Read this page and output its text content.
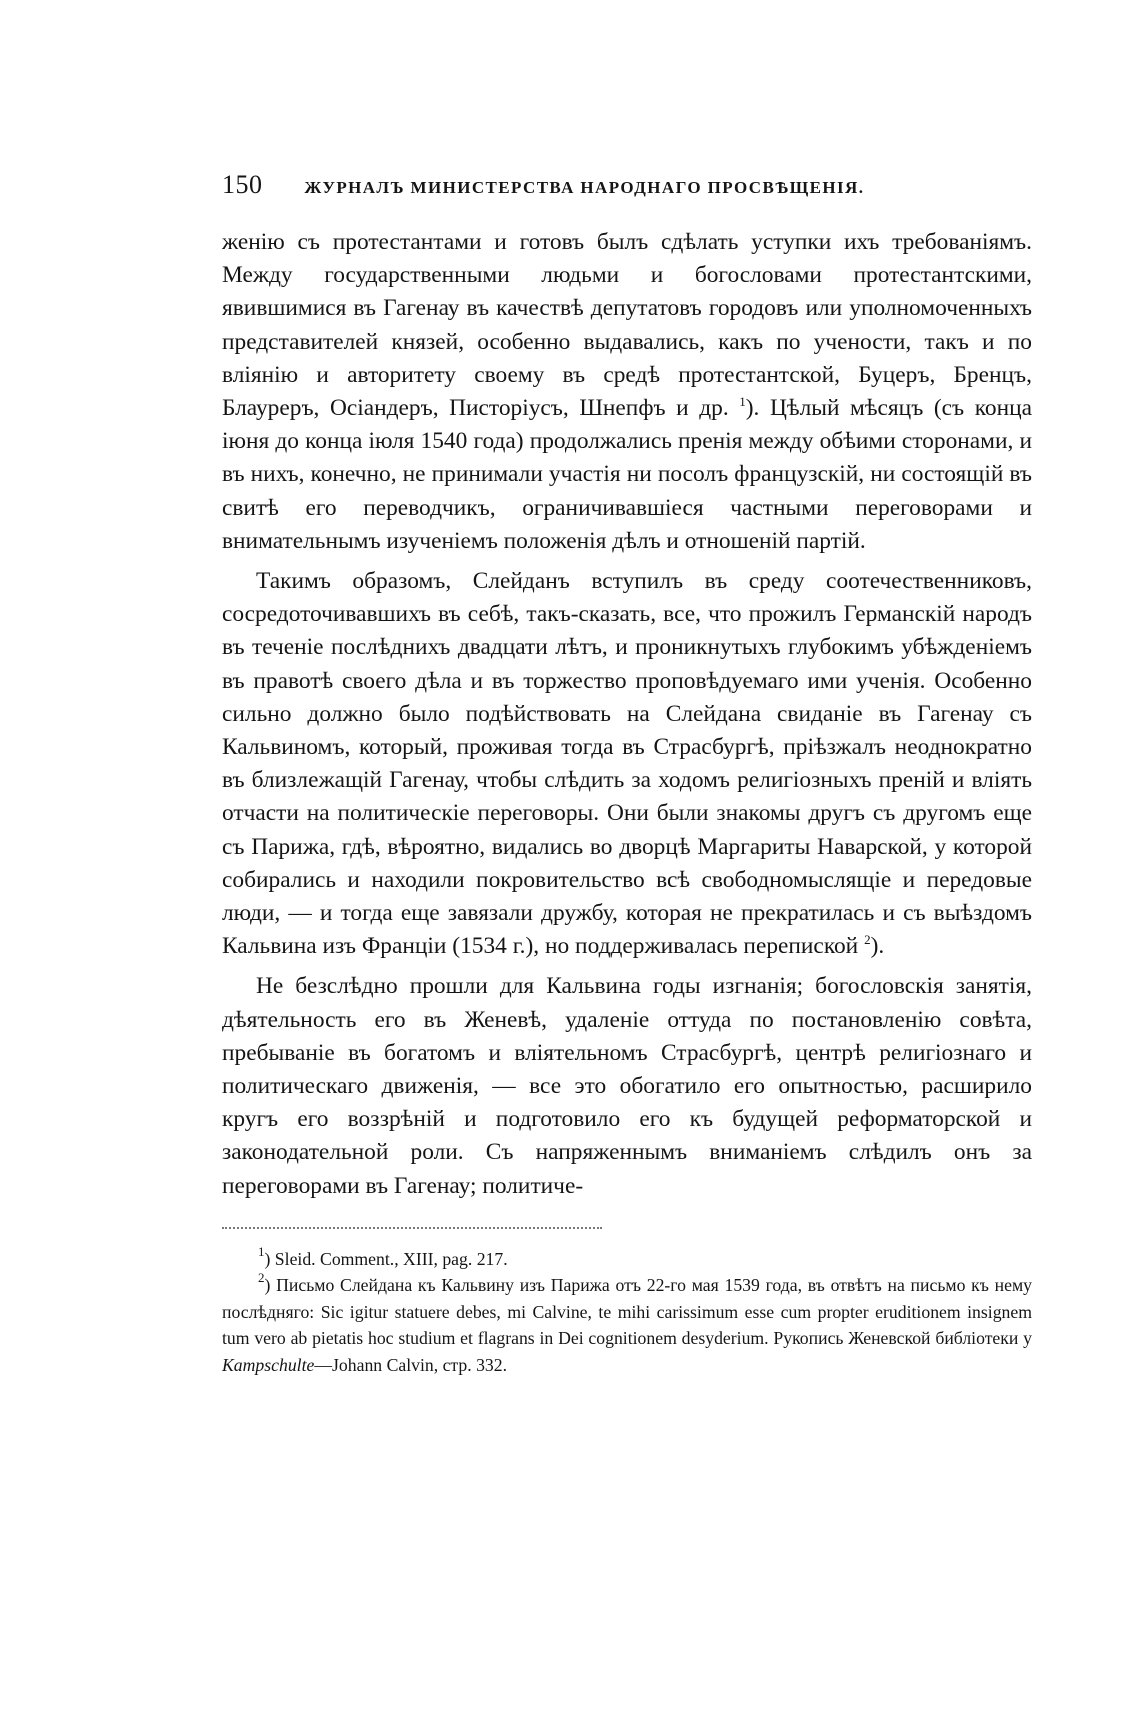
150 ЖУРНАЛЪ МИНИСТЕРСТВА НАРОДНАГО ПРОСВѢЩЕНІЯ.

женію съ протестантами и готовъ былъ сдѣлать уступки ихъ требованіямъ. Между государственными людьми и богословами протестантскими, явившимися въ Гагенау въ качествѣ депутатовъ городовъ или уполномоченныхъ представителей князей, особенно выдавались, какъ по учености, такъ и по вліянію и авторитету своему въ средѣ протестантской, Буцеръ, Бренцъ, Блауреръ, Осіандеръ, Писторіусъ, Шнепфъ и др. $^1$). Цѣлый мѣсяцъ (съ конца іюня до конца іюля 1540 года) продолжались пренія между обѣими сторонами, и въ нихъ, конечно, не принимали участія ни посолъ французскій, ни состоящій въ свитѣ его переводчикъ, ограничивавшіеся частными переговорами и внимательнымъ изученіемъ положенія дѣлъ и отношеній партій.

Такимъ образомъ, Слейданъ вступилъ въ среду соотечественниковъ, сосредоточивавшихъ въ себѣ, такъ-сказать, все, что прожилъ Германскій народъ въ теченіе послѣднихъ двадцати лѣтъ, и проникнутыхъ глубокимъ убѣжденіемъ въ правотѣ своего дѣла и въ торжество проповѣдуемаго ими ученія. Особенно сильно должно было подѣйствовать на Слейдана свиданіе въ Гагенау съ Кальвиномъ, который, проживая тогда въ Страсбургѣ, пріѣзжалъ неоднократно въ близлежащій Гагенау, чтобы слѣдить за ходомъ религіозныхъ преній и вліять отчасти на политическіе переговоры. Они были знакомы другъ съ другомъ еще съ Парижа, гдѣ, вѣроятно, видались во дворцѣ Маргариты Наварской, у которой собирались и находили покровительство всѣ свободномыслящіе и передовые люди, — и тогда еще завязали дружбу, которая не прекратилась и съ выѣздомъ Кальвина изъ Франціи (1534 г.), но поддерживалась перепиской $^2$).

Не безслѣдно прошли для Кальвина годы изгнанія; богословскія занятія, дѣятельность его въ Женевѣ, удаленіе оттуда по постановленію совѣта, пребываніе въ богатомъ и вліятельномъ Страсбургѣ, центрѣ религіознаго и политическаго движенія, — все это обогатило его опытностью, расширило кругъ его воззрѣній и подготовило его къ будущей реформаторской и законодательной роли. Съ напряженнымъ вниманіемъ слѣдилъ онъ за переговорами въ Гагенау; политиче-

$^1$) Sleid. Comment., XIII, pag. 217.

$^2$) Письмо Слейдана къ Кальвину изъ Парижа отъ 22-го мая 1539 года, въ отвѣтъ на письмо къ нему послѣдняго: Sic igitur statuere debes, mi Calvine, te mihi carissimum esse cum propter eruditionem insignem tum vero ab pietatis hoc studium et flagrans in Dei cognitionem desyderium. Рукопись Женевской библіотеки у Kampschulte—Johann Calvin, стр. 332.
